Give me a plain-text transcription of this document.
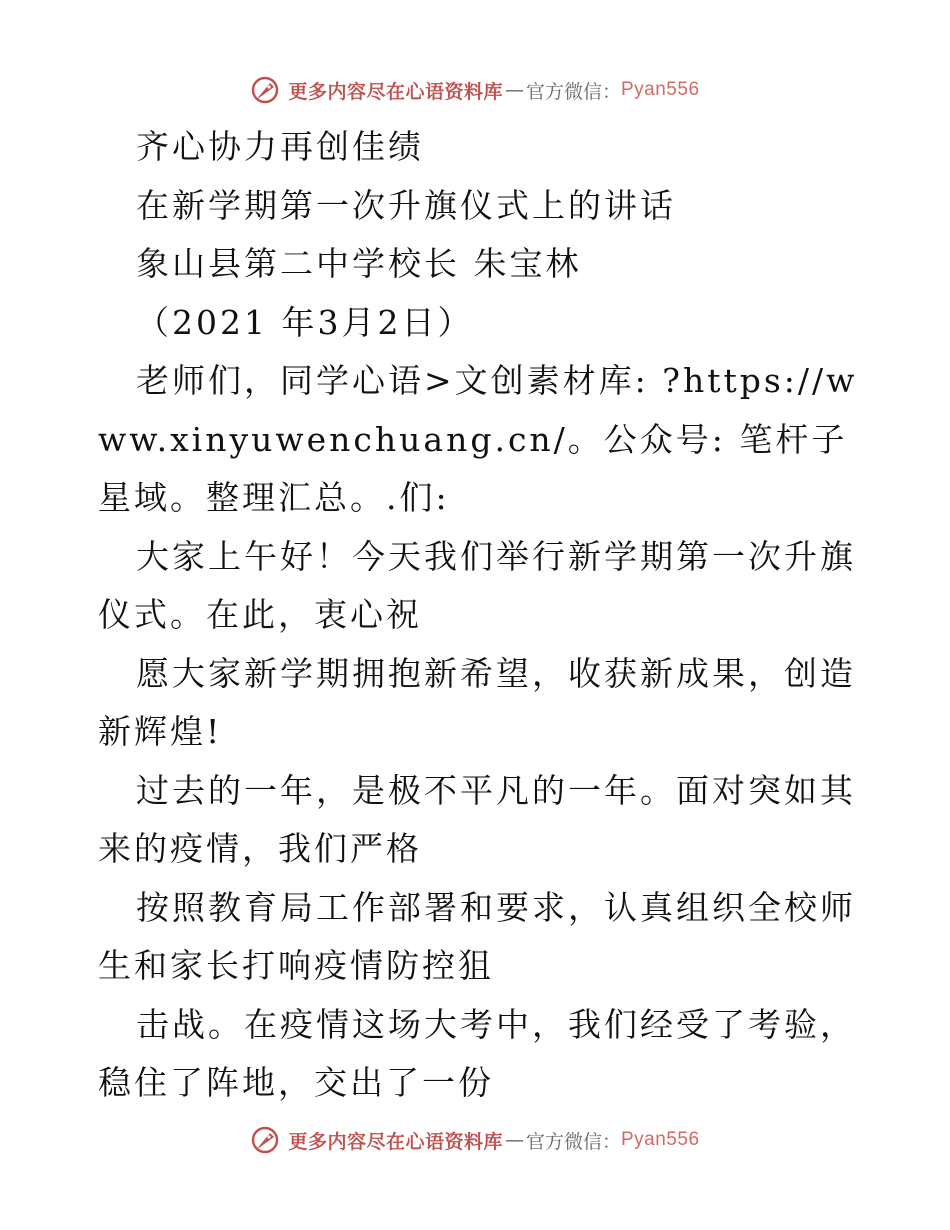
更多内容尽在心语资料库 — 官方微信： Pyan556

齐心协力再创佳绩

在新学期第一次升旗仪式上的讲话

象山县第二中学校长 朱宝林

（2021 年3月2日）

老师们，同学心语>文创素材库: ?https://www.xinyuwenchuang.cn/。公众号: 笔杆子星域。整理汇总。.们:

大家上午好！今天我们举行新学期第一次升旗仪式。在此，衷心祝

愿大家新学期拥抱新希望，收获新成果，创造新辉煌!

过去的一年，是极不平凡的一年。面对突如其来的疫情，我们严格

按照教育局工作部署和要求，认真组织全校师生和家长打响疫情防控狙

击战。在疫情这场大考中，我们经受了考验，稳住了阵地，交出了一份

更多内容尽在心语资料库 — 官方微信： Pyan556
